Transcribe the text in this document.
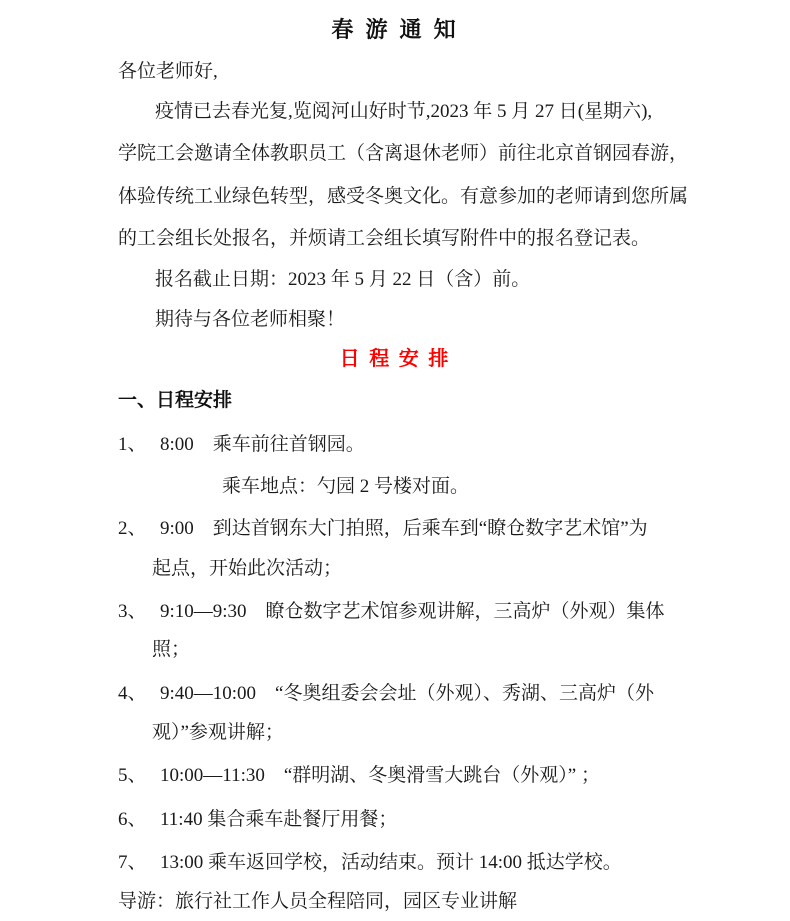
春 游 通 知
各位老师好,
疫情已去春光复,览阅河山好时节,2023 年 5 月 27 日(星期六),
学院工会邀请全体教职员工（含离退休老师）前往北京首钢园春游，
体验传统工业绿色转型，感受冬奥文化。有意参加的老师请到您所属
的工会组长处报名，并烦请工会组长填写附件中的报名登记表。
报名截止日期：2023 年 5 月 22 日（含）前。
期待与各位老师相聚！
日 程 安 排
一、日程安排
1、 8:00　乘车前往首钢园。
乘车地点：勺园 2 号楼对面。
2、 9:00　到达首钢东大门拍照，后乘车到“瞭仓数字艺术馆”为
起点，开始此次活动；
3、 9:10—9:30　瞭仓数字艺术馆参观讲解，三高炉（外观）集体
照；
4、 9:40—10:00　“冬奥组委会会址（外观）、秀湖、三高炉（外
观）”参观讲解；
5、 10:00—11:30　“群明湖、冬奥滑雪大跳台（外观）” ；
6、 11:40 集合乘车赴餐厅用餐；
7、 13:00 乘车返回学校，活动结束。预计 14:00 抵达学校。
导游：旅行社工作人员全程陪同，园区专业讲解
